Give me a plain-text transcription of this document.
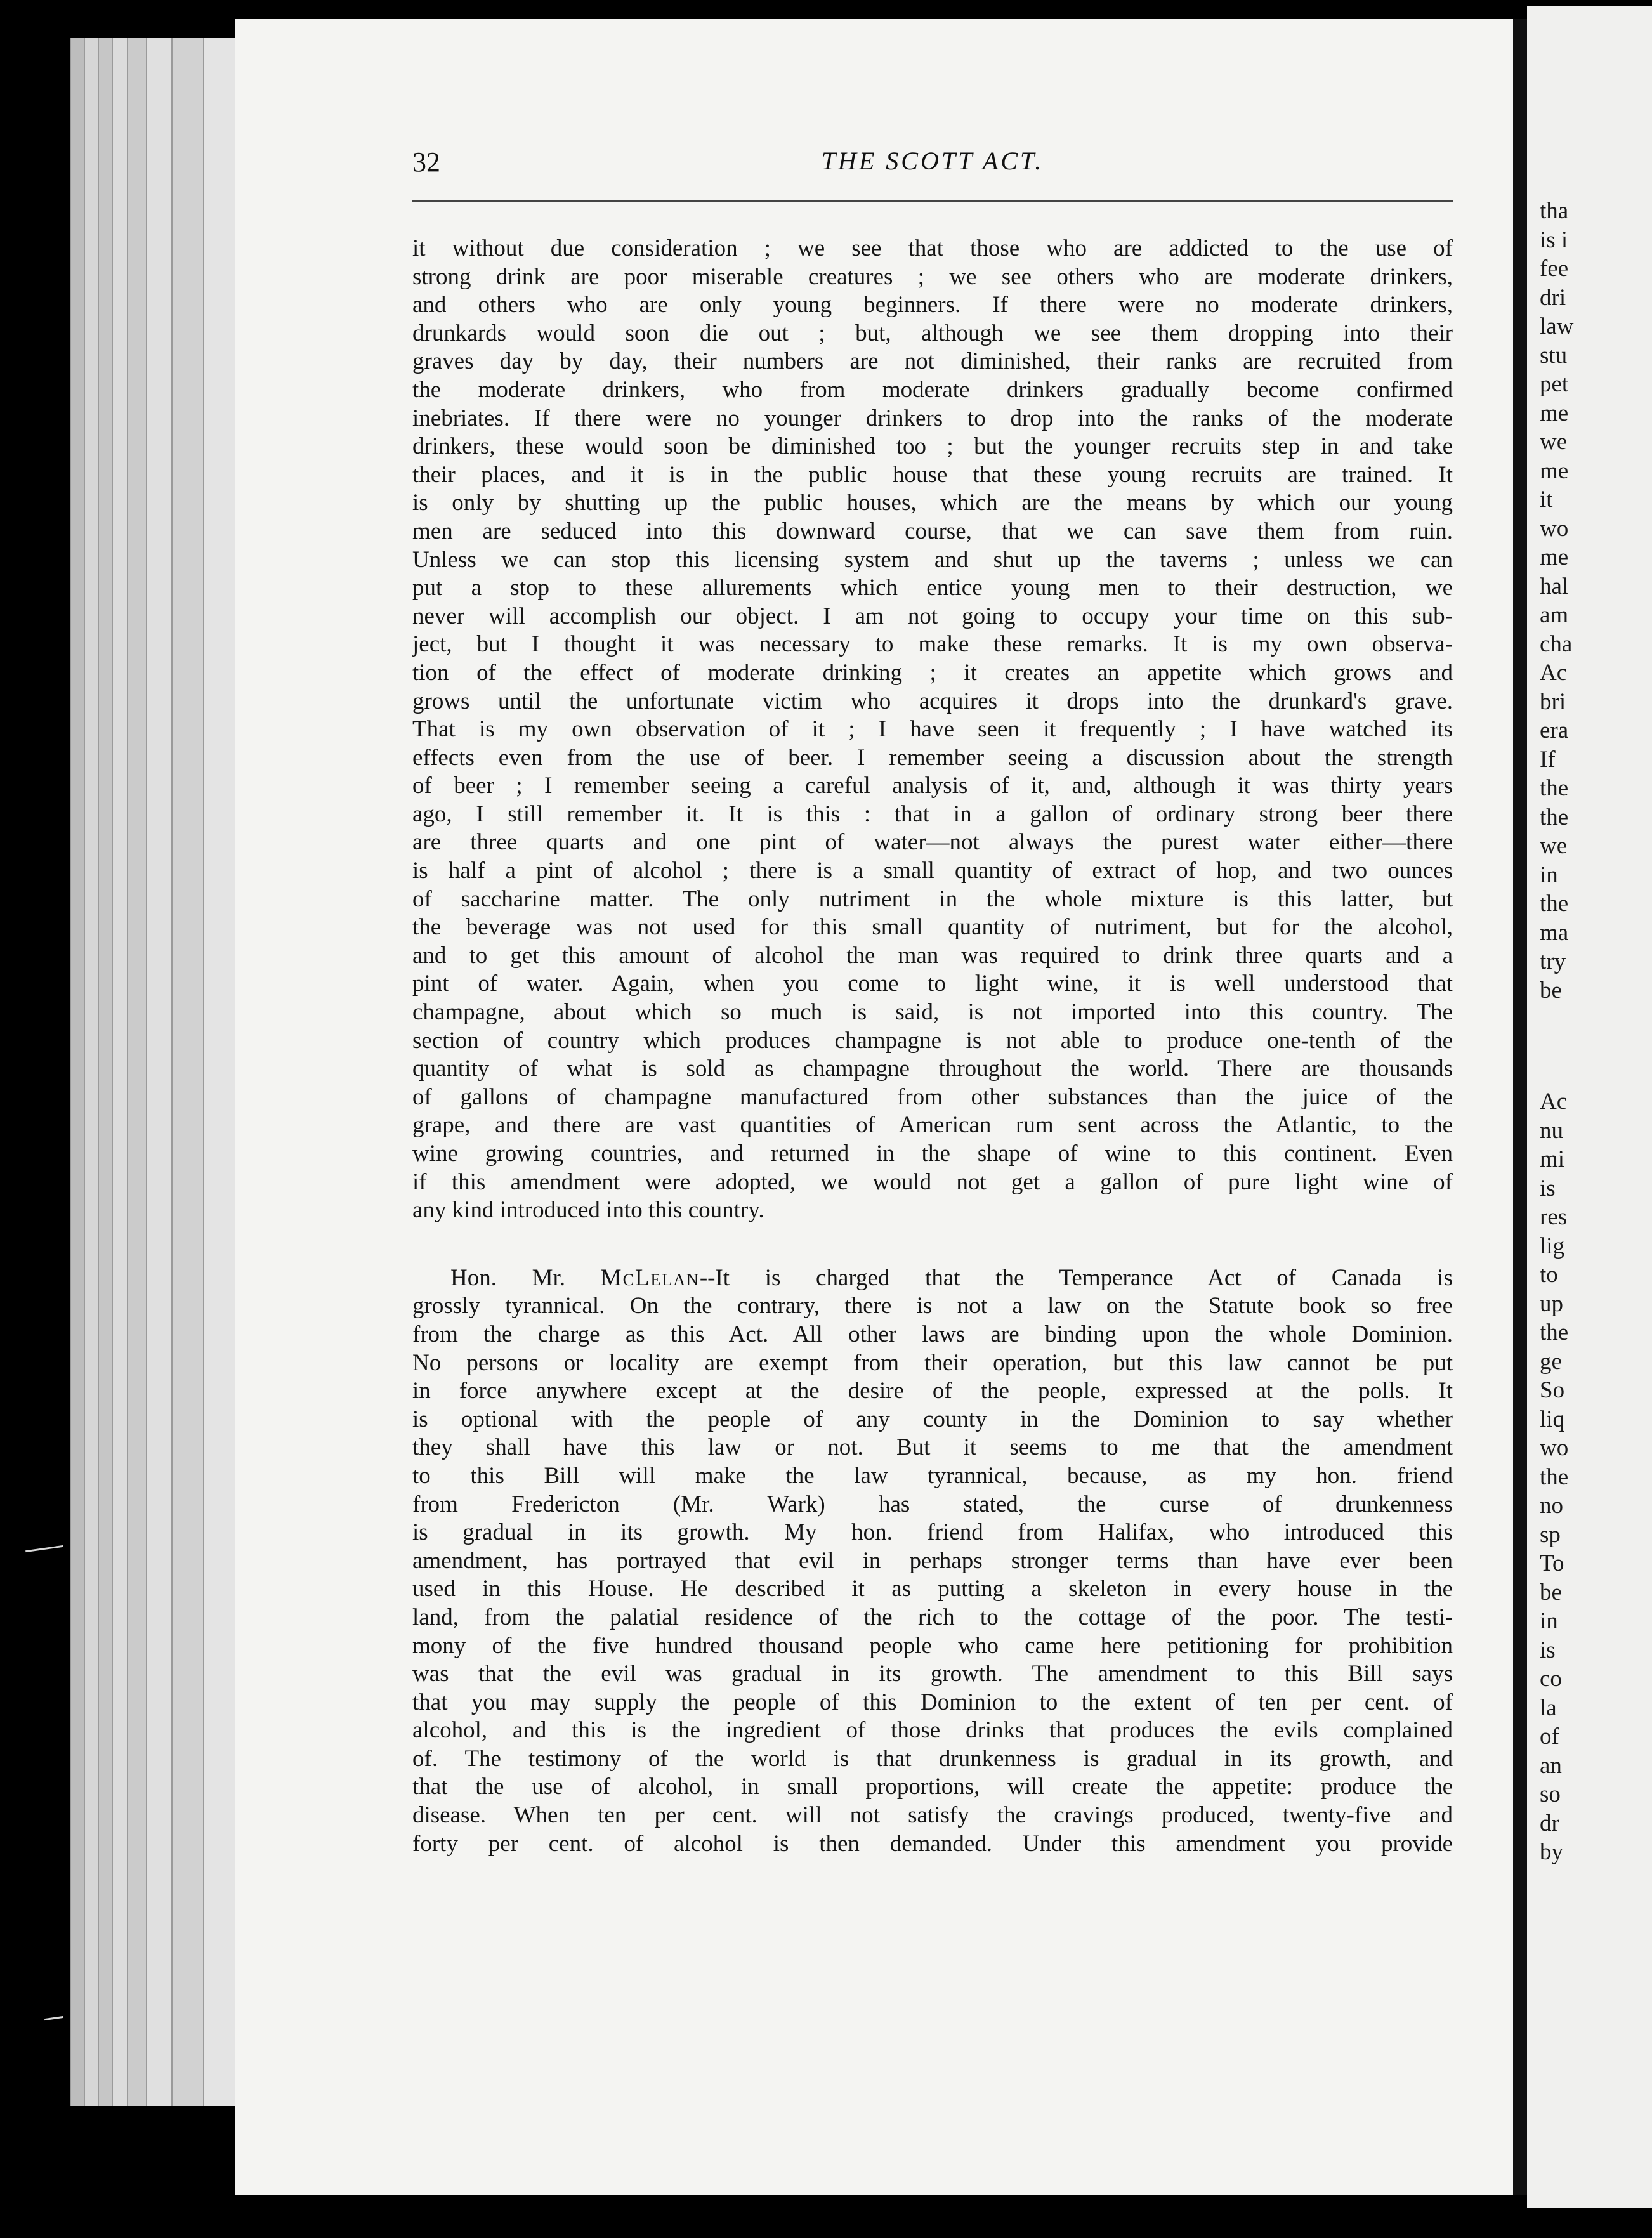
32	THE SCOTT ACT.
it without due consideration ; we see that those who are addicted to the use of
strong drink are poor miserable creatures ; we see others who are moderate drinkers,
and others who are only young beginners. If there were no moderate drinkers,
drunkards would soon die out ; but, although we see them dropping into their
graves day by day, their numbers are not diminished, their ranks are recruited from
the moderate drinkers, who from moderate drinkers gradually become confirmed
inebriates. If there were no younger drinkers to drop into the ranks of the moderate
drinkers, these would soon be diminished too ; but the younger recruits step in and take
their places, and it is in the public house that these young recruits are trained. It
is only by shutting up the public houses, which are the means by which our young
men are seduced into this downward course, that we can save them from ruin.
Unless we can stop this licensing system and shut up the taverns ; unless we can
put a stop to these allurements which entice young men to their destruction, we
never will accomplish our object. I am not going to occupy your time on this sub-
ject, but I thought it was necessary to make these remarks. It is my own observa-
tion of the effect of moderate drinking ; it creates an appetite which grows and
grows until the unfortunate victim who acquires it drops into the drunkard's grave.
That is my own observation of it ; I have seen it frequently ; I have watched its
effects even from the use of beer. I remember seeing a discussion about the strength
of beer ; I remember seeing a careful analysis of it, and, although it was thirty years
ago, I still remember it. It is this : that in a gallon of ordinary strong beer there
are three quarts and one pint of water—not always the purest water either—there
is half a pint of alcohol ; there is a small quantity of extract of hop, and two ounces
of saccharine matter. The only nutriment in the whole mixture is this latter, but
the beverage was not used for this small quantity of nutriment, but for the alcohol,
and to get this amount of alcohol the man was required to drink three quarts and a
pint of water. Again, when you come to light wine, it is well understood that
champagne, about which so much is said, is not imported into this country. The
section of country which produces champagne is not able to produce one-tenth of the
quantity of what is sold as champagne throughout the world. There are thousands
of gallons of champagne manufactured from other substances than the juice of the
grape, and there are vast quantities of American rum sent across the Atlantic, to the
wine growing countries, and returned in the shape of wine to this continent. Even
if this amendment were adopted, we would not get a gallon of pure light wine of
any kind introduced into this country.
Hon. Mr. McLelan--It is charged that the Temperance Act of Canada is
grossly tyrannical. On the contrary, there is not a law on the Statute book so free
from the charge as this Act. All other laws are binding upon the whole Dominion.
No persons or locality are exempt from their operation, but this law cannot be put
in force anywhere except at the desire of the people, expressed at the polls. It
is optional with the people of any county in the Dominion to say whether
they shall have this law or not. But it seems to me that the amendment
to this Bill will make the law tyrannical, because, as my hon. friend
from Fredericton (Mr. Wark) has stated, the curse of drunkenness
is gradual in its growth. My hon. friend from Halifax, who introduced this
amendment, has portrayed that evil in perhaps stronger terms than have ever been
used in this House. He described it as putting a skeleton in every house in the
land, from the palatial residence of the rich to the cottage of the poor. The testi-
mony of the five hundred thousand people who came here petitioning for prohibition
was that the evil was gradual in its growth. The amendment to this Bill says
that you may supply the people of this Dominion to the extent of ten per cent. of
alcohol, and this is the ingredient of those drinks that produces the evils complained
of. The testimony of the world is that drunkenness is gradual in its growth, and
that the use of alcohol, in small proportions, will create the appetite: produce the
disease. When ten per cent. will not satisfy the cravings produced, twenty-five and
forty per cent. of alcohol is then demanded. Under this amendment you provide
tha
is i
fee
dri
law
stu
pet
me
we
me
it
wo
me
hal
am
cha
Ac
bri
era
If
the
the
we
in
the
ma
try
be
Ac
nu
mi
is
res
lig
to
up
the
ge
So
liq
wo
the
no
sp
To
be
in
is
co
la
of
an
so
dr
by
